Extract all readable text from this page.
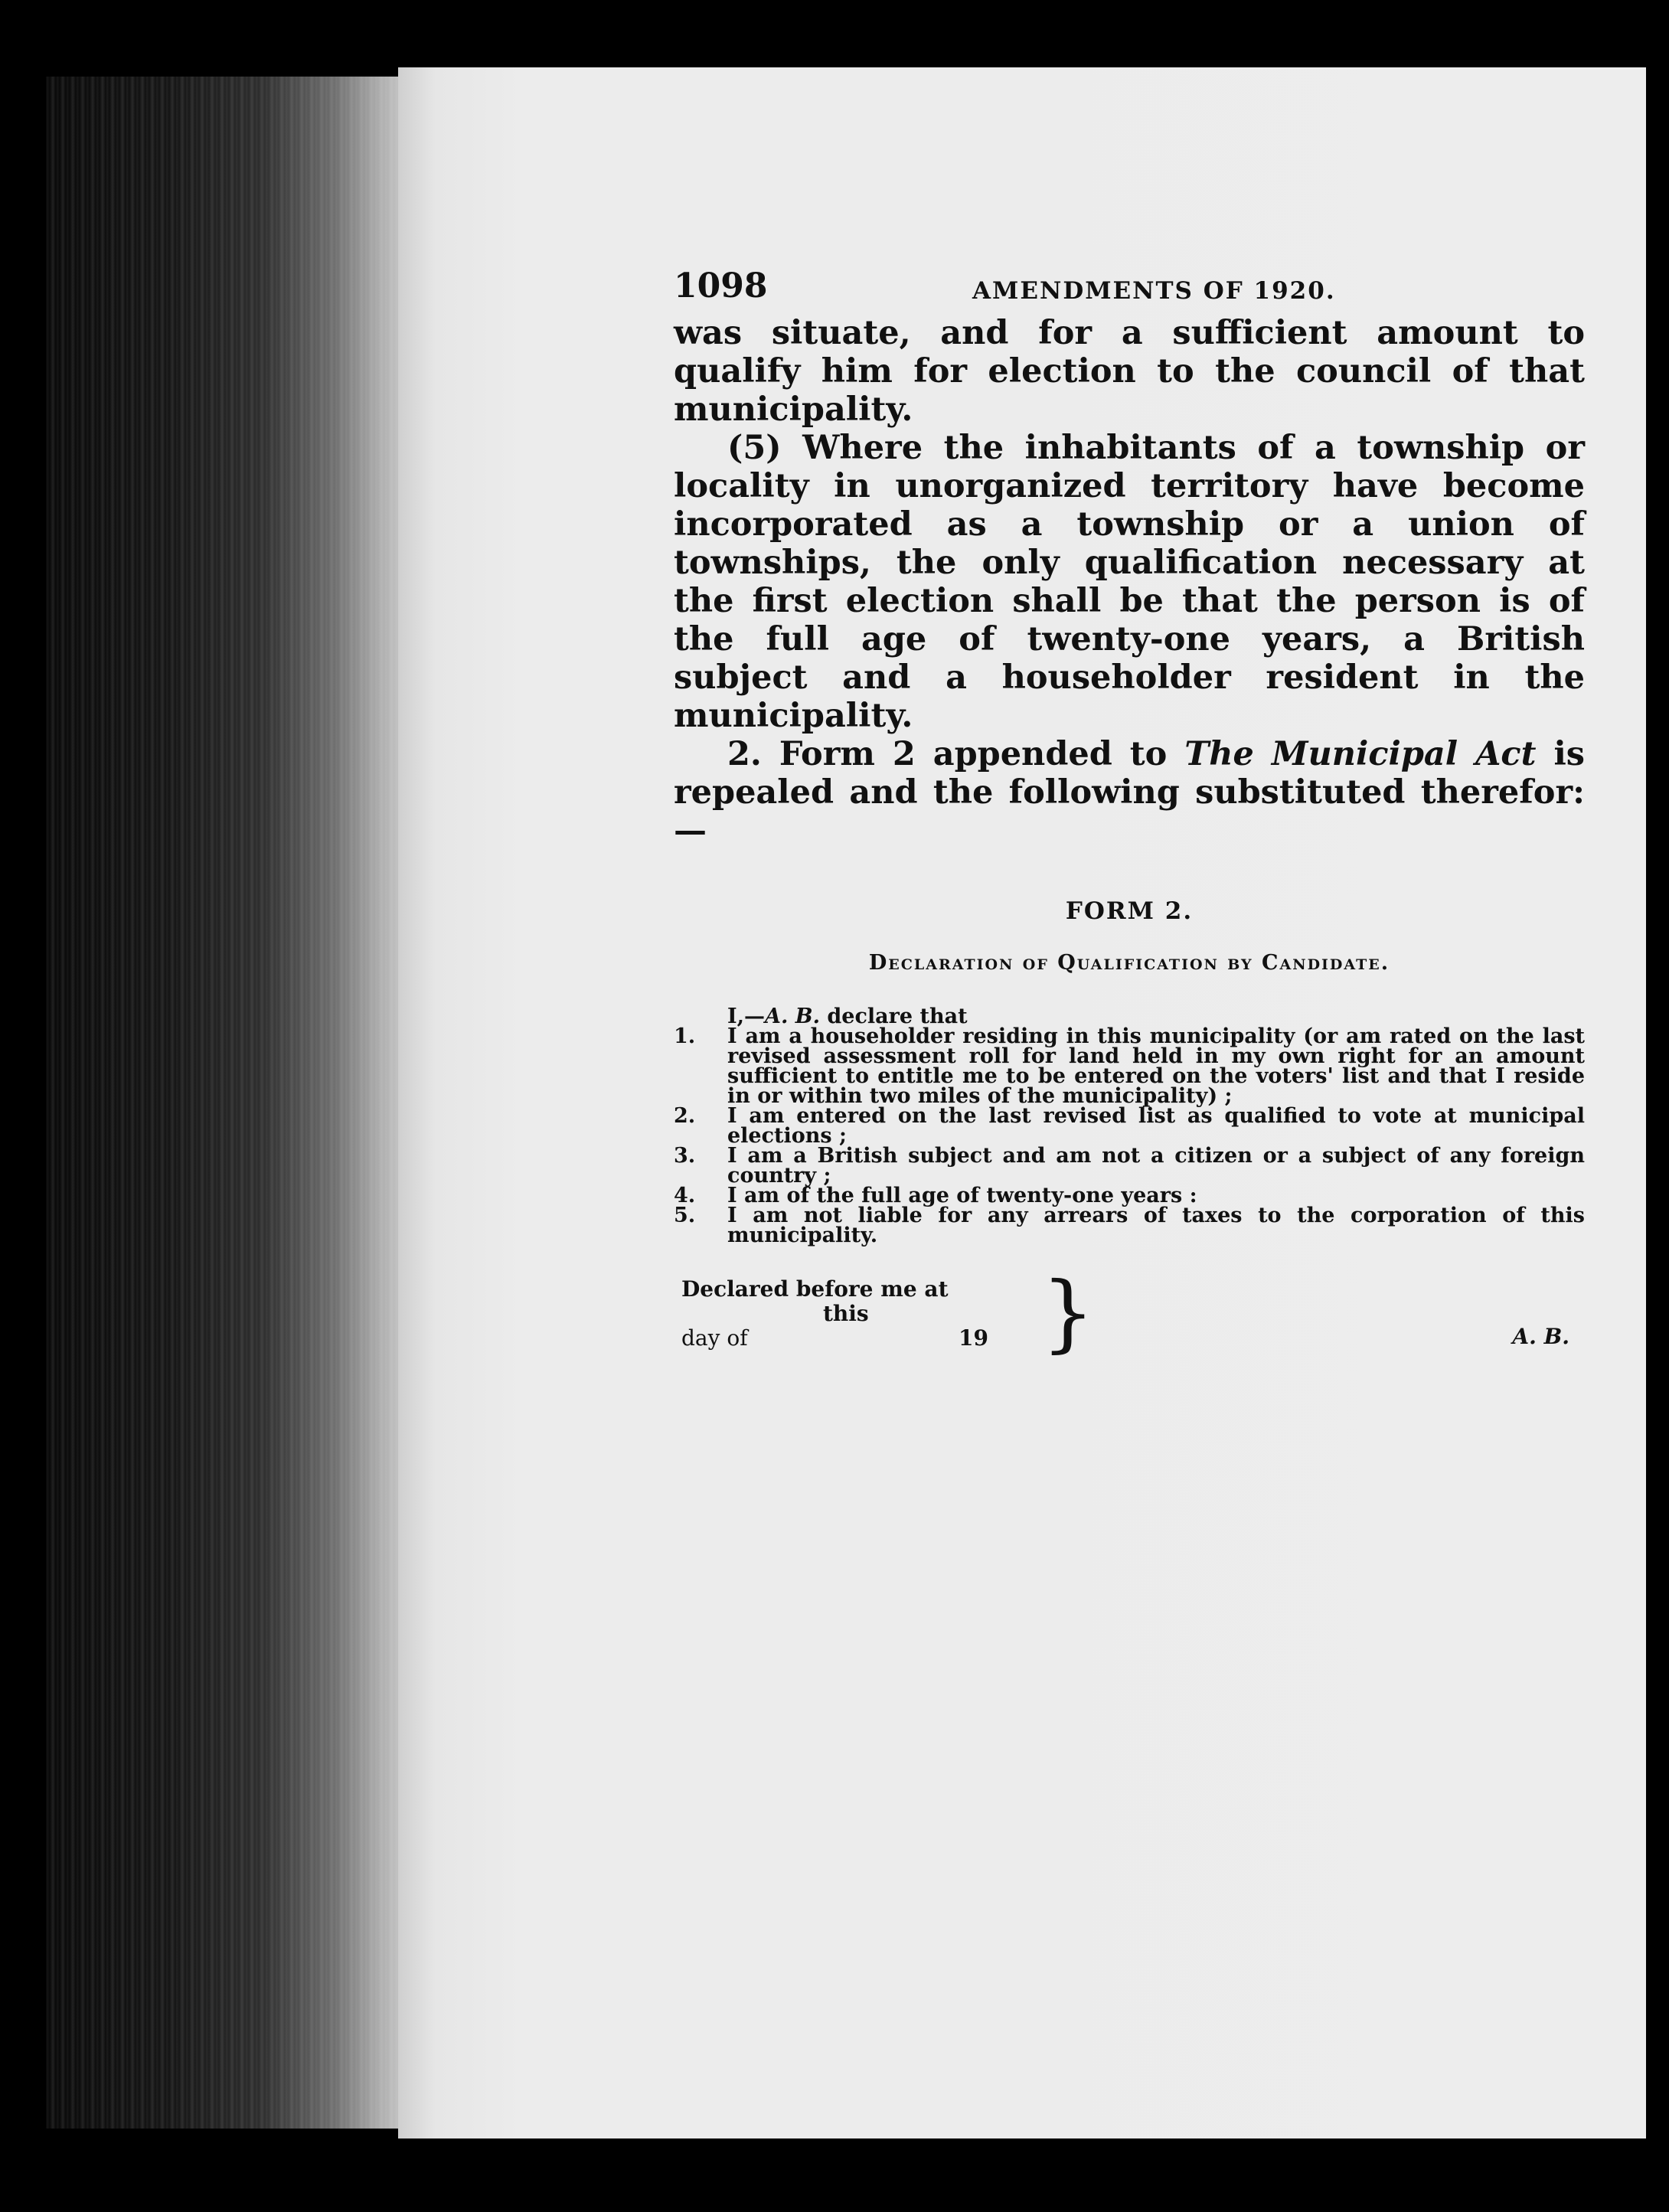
1098	AMENDMENTS OF 1920.

was situate, and for a sufficient amount to qualify him for election to the council of that municipality.

(5) Where the inhabitants of a township or locality in unorganized territory have become incorporated as a township or a union of townships, the only qualification necessary at the first election shall be that the person is of the full age of twenty-one years, a British subject and a householder resident in the municipality.

2. Form 2 appended to The Municipal Act is repealed and the following substituted therefor:—

FORM 2.
Declaration of Qualification by Candidate.
I,—A. B. declare that
1.	I am a householder residing in this municipality (or am rated on the last revised assessment roll for land held in my own right for an amount sufficient to entitle me to be entered on the voters' list and that I reside in or within two miles of the municipality) ;
2.	I am entered on the last revised list as qualified to vote at municipal elections ;
3.	I am a British subject and am not a citizen or a subject of any foreign country ;
4.	I am of the full age of twenty-one years :
5.	I am not liable for any arrears of taxes to the corporation of this municipality.
Declared before me at
this
day of	19 }	A. B.
